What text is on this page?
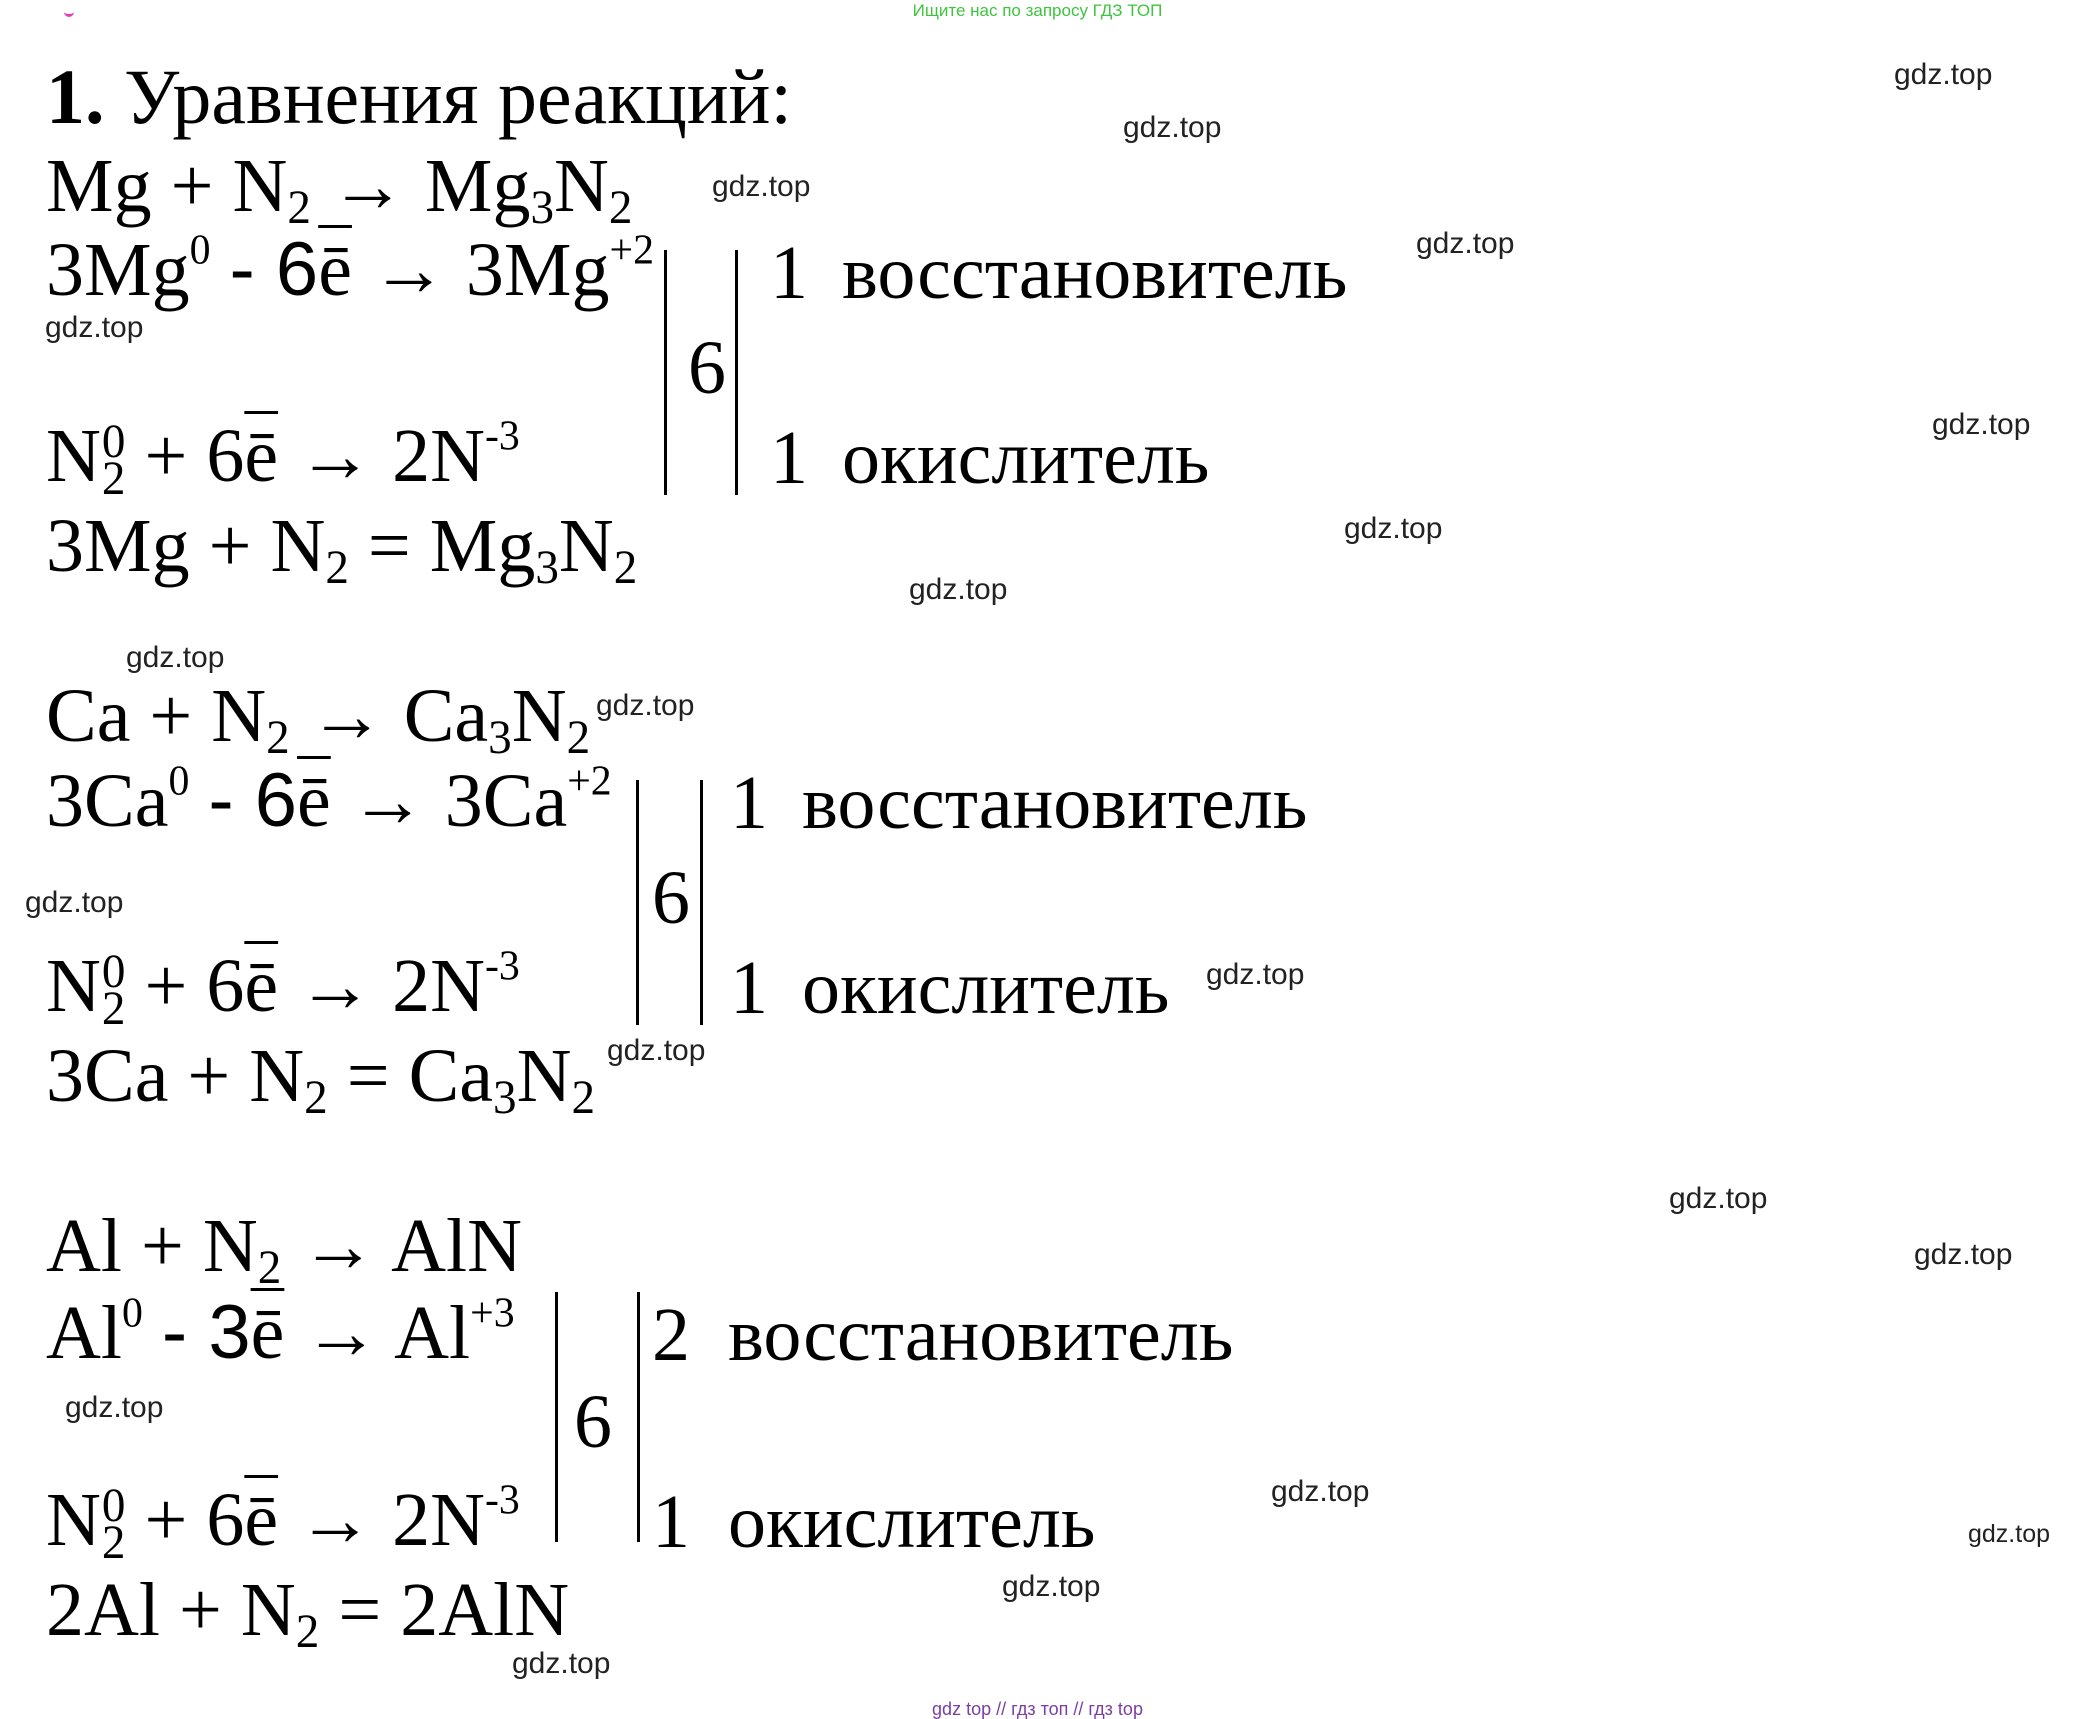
Ищите нас по запросу ГДЗ ТОП
1. Уравнения реакций:
$Mg + N_2 \to Mg_3N_2$
$3Mg^0 - 6\overline{ē} \to 3Mg^{+2}$
N 0
$2 + 6\overline{ē} \to 2N^{-3}$
6
1 восстановитель
1 окислитель
$3Mg + N_2 = Mg_3N_2$
$Ca + N_2 \to Ca_3N_2$
$3Ca^0 - 6\overline{ē} \to 3Ca^{+2}$
N 0
$2 + 6\overline{ē} \to 2N^{-3}$
6
1 восстановитель
1 окислитель
$3Ca + N_2 = Ca_3N_2$
$Al + N_2$ → AlN
$Al^0 - 3\overline{ē} \to Al^{+3}$
N 0
$2 + 6\overline{ē} \to 2N^{-3}$
6
2 восстановитель
1 окислитель
$2Al + N_2 = 2AlN$
gdz.top
gdz.top
gdz.top
gdz.top
gdz.top
gdz.top
gdz.top
gdz.top
gdz.top
gdz.top
gdz.top
gdz.top
gdz.top
gdz.top
gdz.top
gdz.top
gdz.top
gdz.top
gdz.top
gdz.top
gdz top // гдз топ // гдз top
